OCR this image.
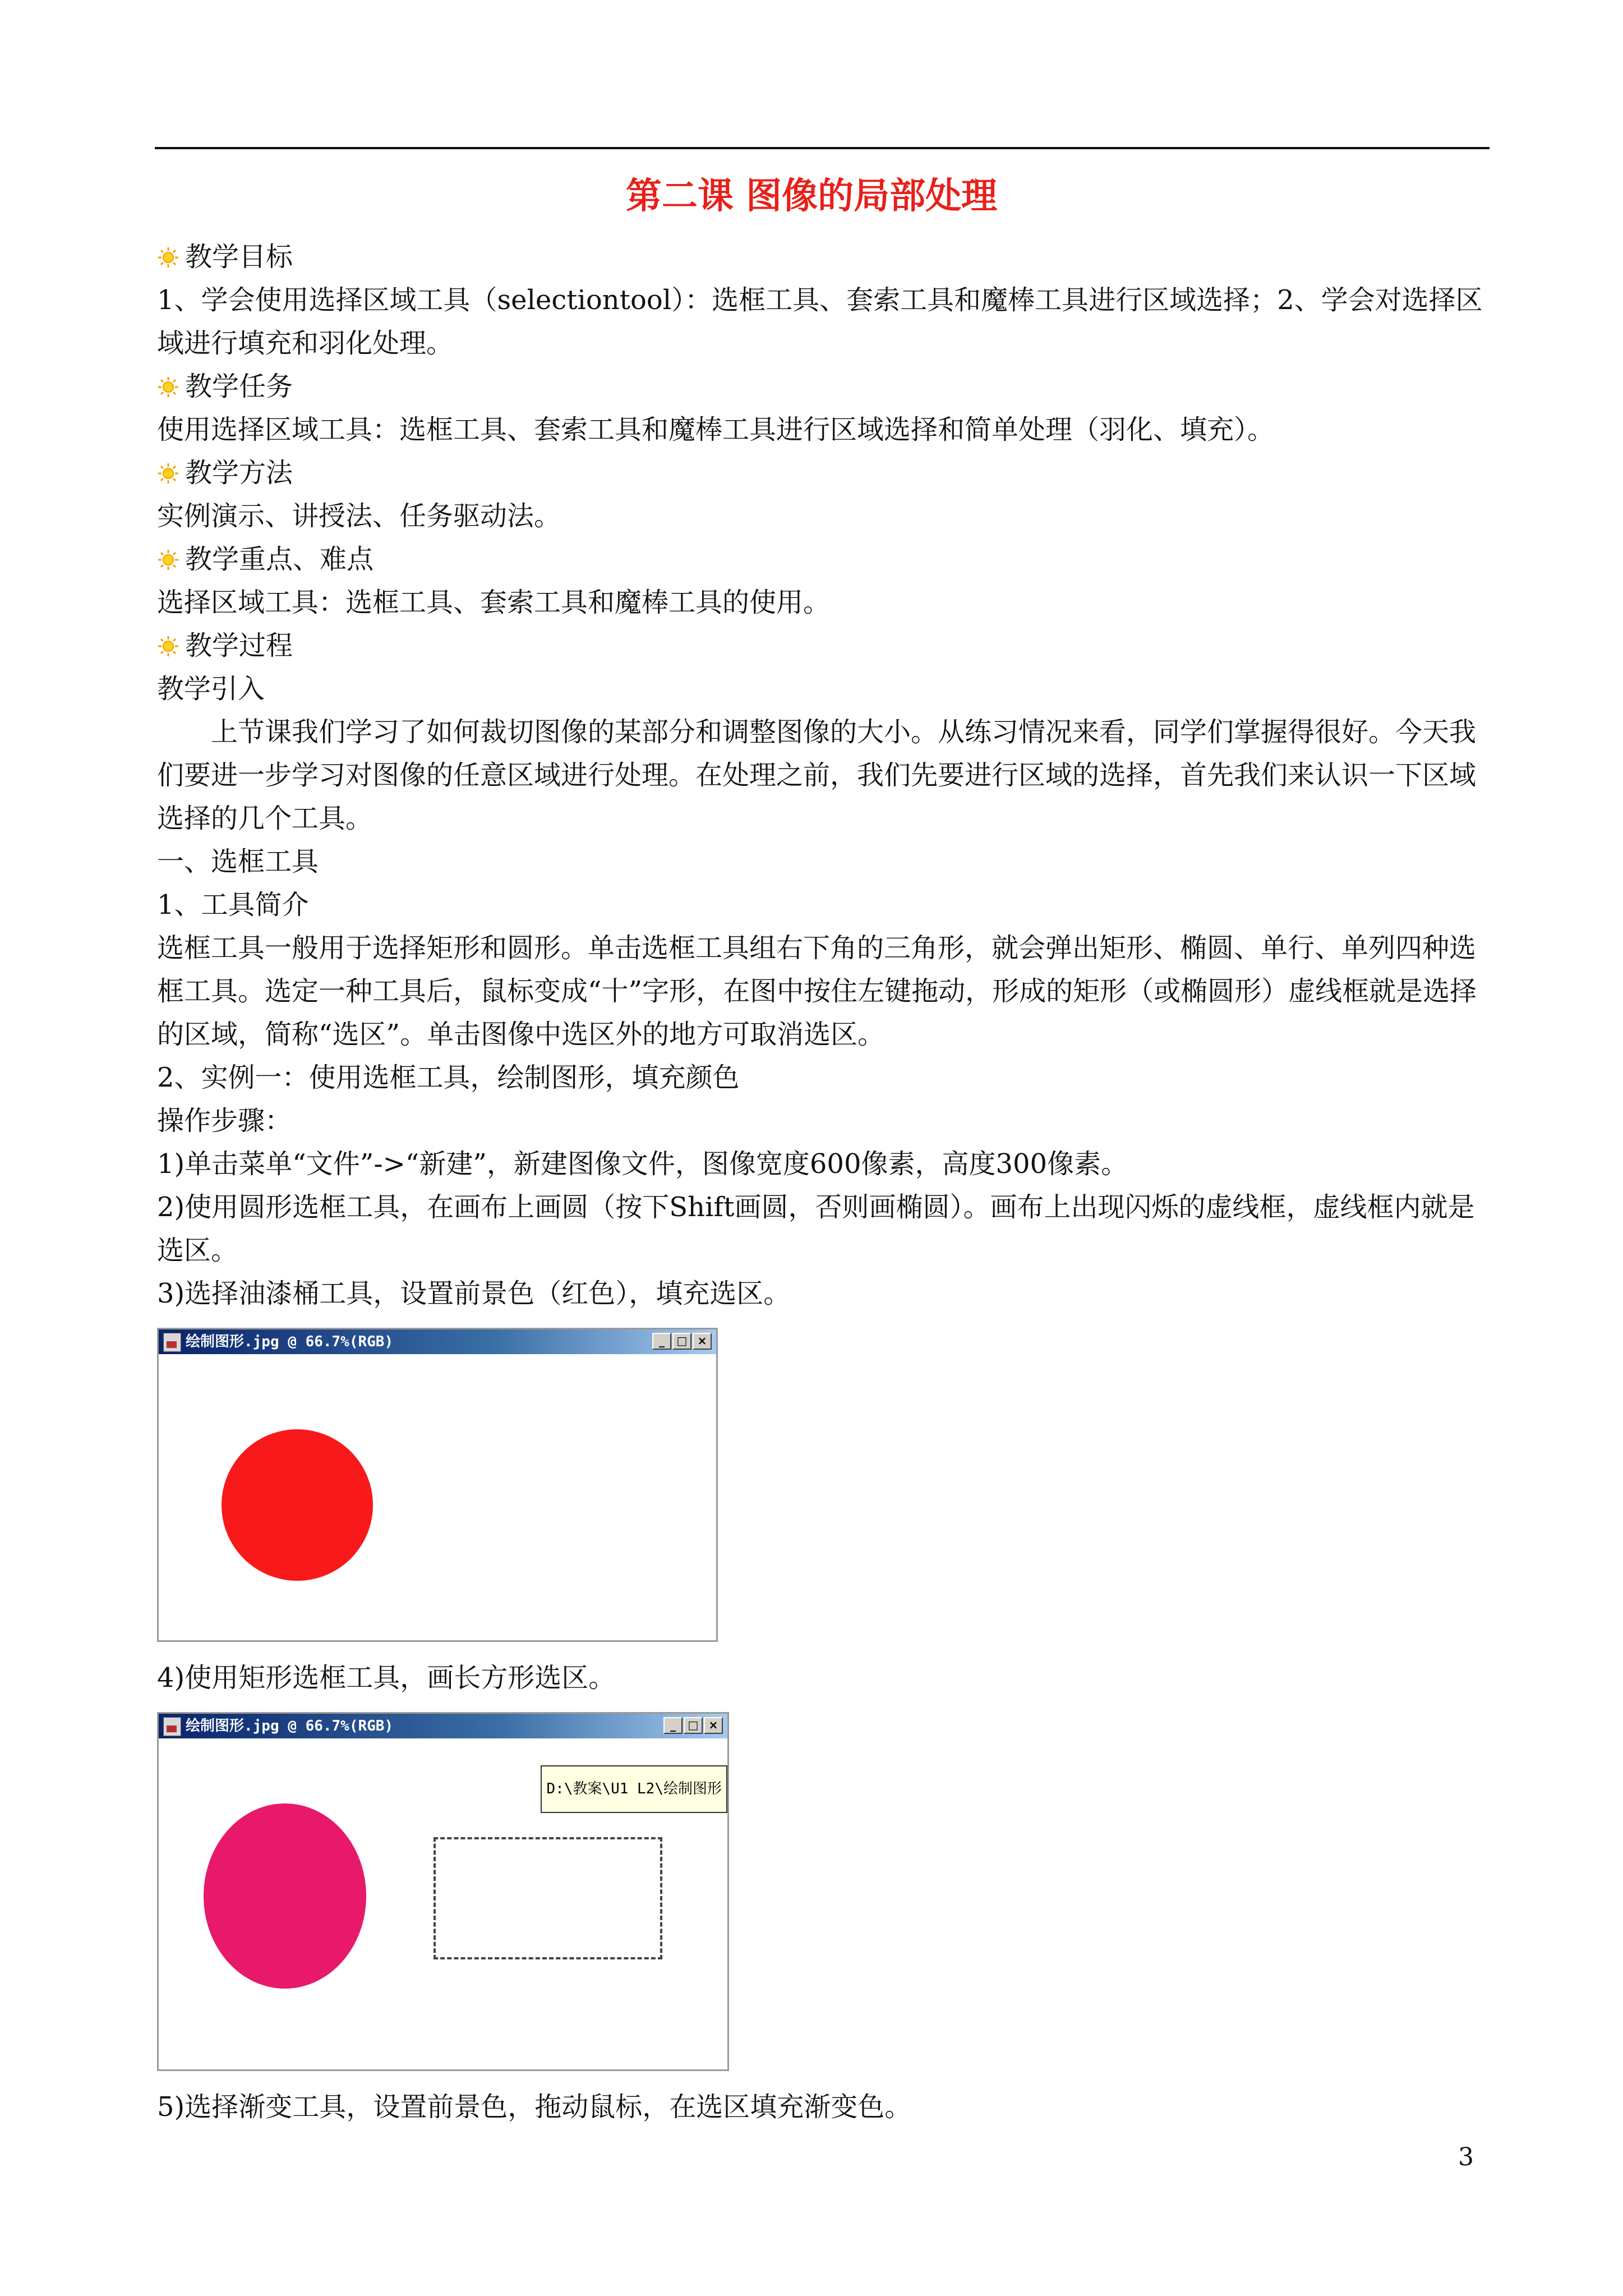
第二课 图像的局部处理

教学目标

1、学会使用选择区域工具（selectiontool）：选框工具、套索工具和魔棒工具进行区域选择；2、学会对选择区域进行填充和羽化处理。

教学任务

使用选择区域工具：选框工具、套索工具和魔棒工具进行区域选择和简单处理（羽化、填充）。

教学方法

实例演示、讲授法、任务驱动法。

教学重点、难点

选择区域工具：选框工具、套索工具和魔棒工具的使用。

教学过程

教学引入

上节课我们学习了如何裁切图像的某部分和调整图像的大小。从练习情况来看，同学们掌握得很好。今天我们要进一步学习对图像的任意区域进行处理。在处理之前，我们先要进行区域的选择，首先我们来认识一下区域选择的几个工具。

一、选框工具

1、工具简介

选框工具一般用于选择矩形和圆形。单击选框工具组右下角的三角形，就会弹出矩形、椭圆、单行、单列四种选框工具。选定一种工具后，鼠标变成“十”字形，在图中按住左键拖动，形成的矩形（或椭圆形）虚线框就是选择的区域，简称“选区”。单击图像中选区外的地方可取消选区。

2、实例一：使用选框工具，绘制图形，填充颜色

操作步骤：

1)单击菜单“文件”->“新建”，新建图像文件，图像宽度600像素，高度300像素。

2)使用圆形选框工具，在画布上画圆（按下Shift画圆，否则画椭圆）。画布上出现闪烁的虚线框，虚线框内就是选区。

3)选择油漆桶工具，设置前景色（红色），填充选区。

绘制图形.jpg @ 66.7%(RGB)	_	□ ×

4)使用矩形选框工具，画长方形选区。

绘制图形.jpg @ 66.7%(RGB)	_	□ ×
D:\教案\U1 L2\绘制图形

5)选择渐变工具，设置前景色，拖动鼠标，在选区填充渐变色。

3
